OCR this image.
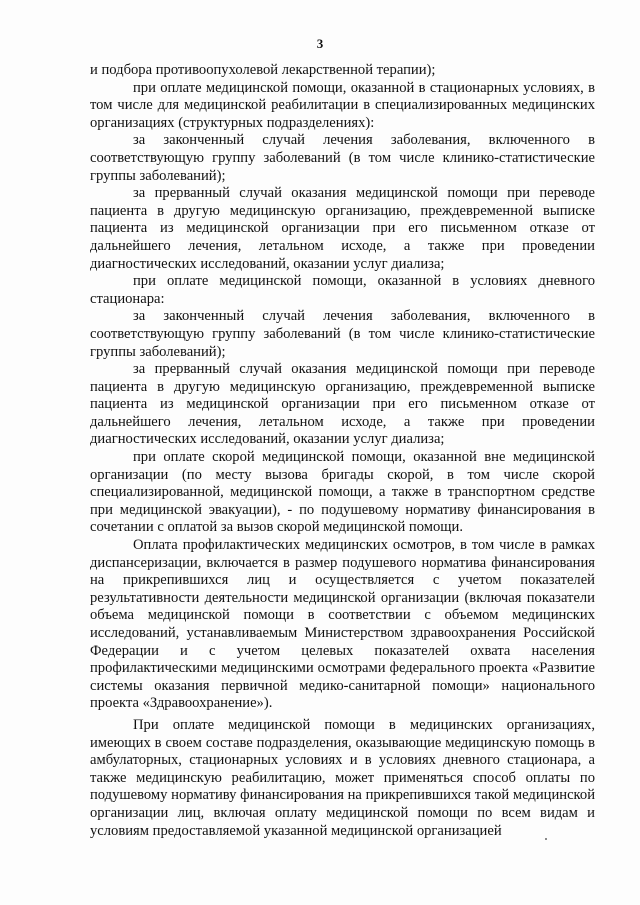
3

и подбора противоопухолевой лекарственной терапии);

при оплате медицинской помощи, оказанной в стационарных условиях, в том числе для медицинской реабилитации в специализированных медицинских организациях (структурных подразделениях):

за законченный случай лечения заболевания, включенного в соответствующую группу заболеваний (в том числе клинико-статистические группы заболеваний);

за прерванный случай оказания медицинской помощи при переводе пациента в другую медицинскую организацию, преждевременной выписке пациента из медицинской организации при его письменном отказе от дальнейшего лечения, летальном исходе, а также при проведении диагностических исследований, оказании услуг диализа;

при оплате медицинской помощи, оказанной в условиях дневного стационара:

за законченный случай лечения заболевания, включенного в соответствующую группу заболеваний (в том числе клинико-статистические группы заболеваний);

за прерванный случай оказания медицинской помощи при переводе пациента в другую медицинскую организацию, преждевременной выписке пациента из медицинской организации при его письменном отказе от дальнейшего лечения, летальном исходе, а также при проведении диагностических исследований, оказании услуг диализа;

при оплате скорой медицинской помощи, оказанной вне медицинской организации (по месту вызова бригады скорой, в том числе скорой специализированной, медицинской помощи, а также в транспортном средстве при медицинской эвакуации), - по подушевому нормативу финансирования в сочетании с оплатой за вызов скорой медицинской помощи.

Оплата профилактических медицинских осмотров, в том числе в рамках диспансеризации, включается в размер подушевого норматива финансирования на прикрепившихся лиц и осуществляется с учетом показателей результативности деятельности медицинской организации (включая показатели объема медицинской помощи в соответствии с объемом медицинских исследований, устанавливаемым Министерством здравоохранения Российской Федерации и с учетом целевых показателей охвата населения профилактическими медицинскими осмотрами федерального проекта «Развитие системы оказания первичной медико-санитарной помощи» национального проекта «Здравоохранение»).

При оплате медицинской помощи в медицинских организациях, имеющих в своем составе подразделения, оказывающие медицинскую помощь в амбулаторных, стационарных условиях и в условиях дневного стационара, а также медицинскую реабилитацию, может применяться способ оплаты по подушевому нормативу финансирования на прикрепившихся такой медицинской организации лиц, включая оплату медицинской помощи по всем видам и условиям предоставляемой указанной медицинской организацией
